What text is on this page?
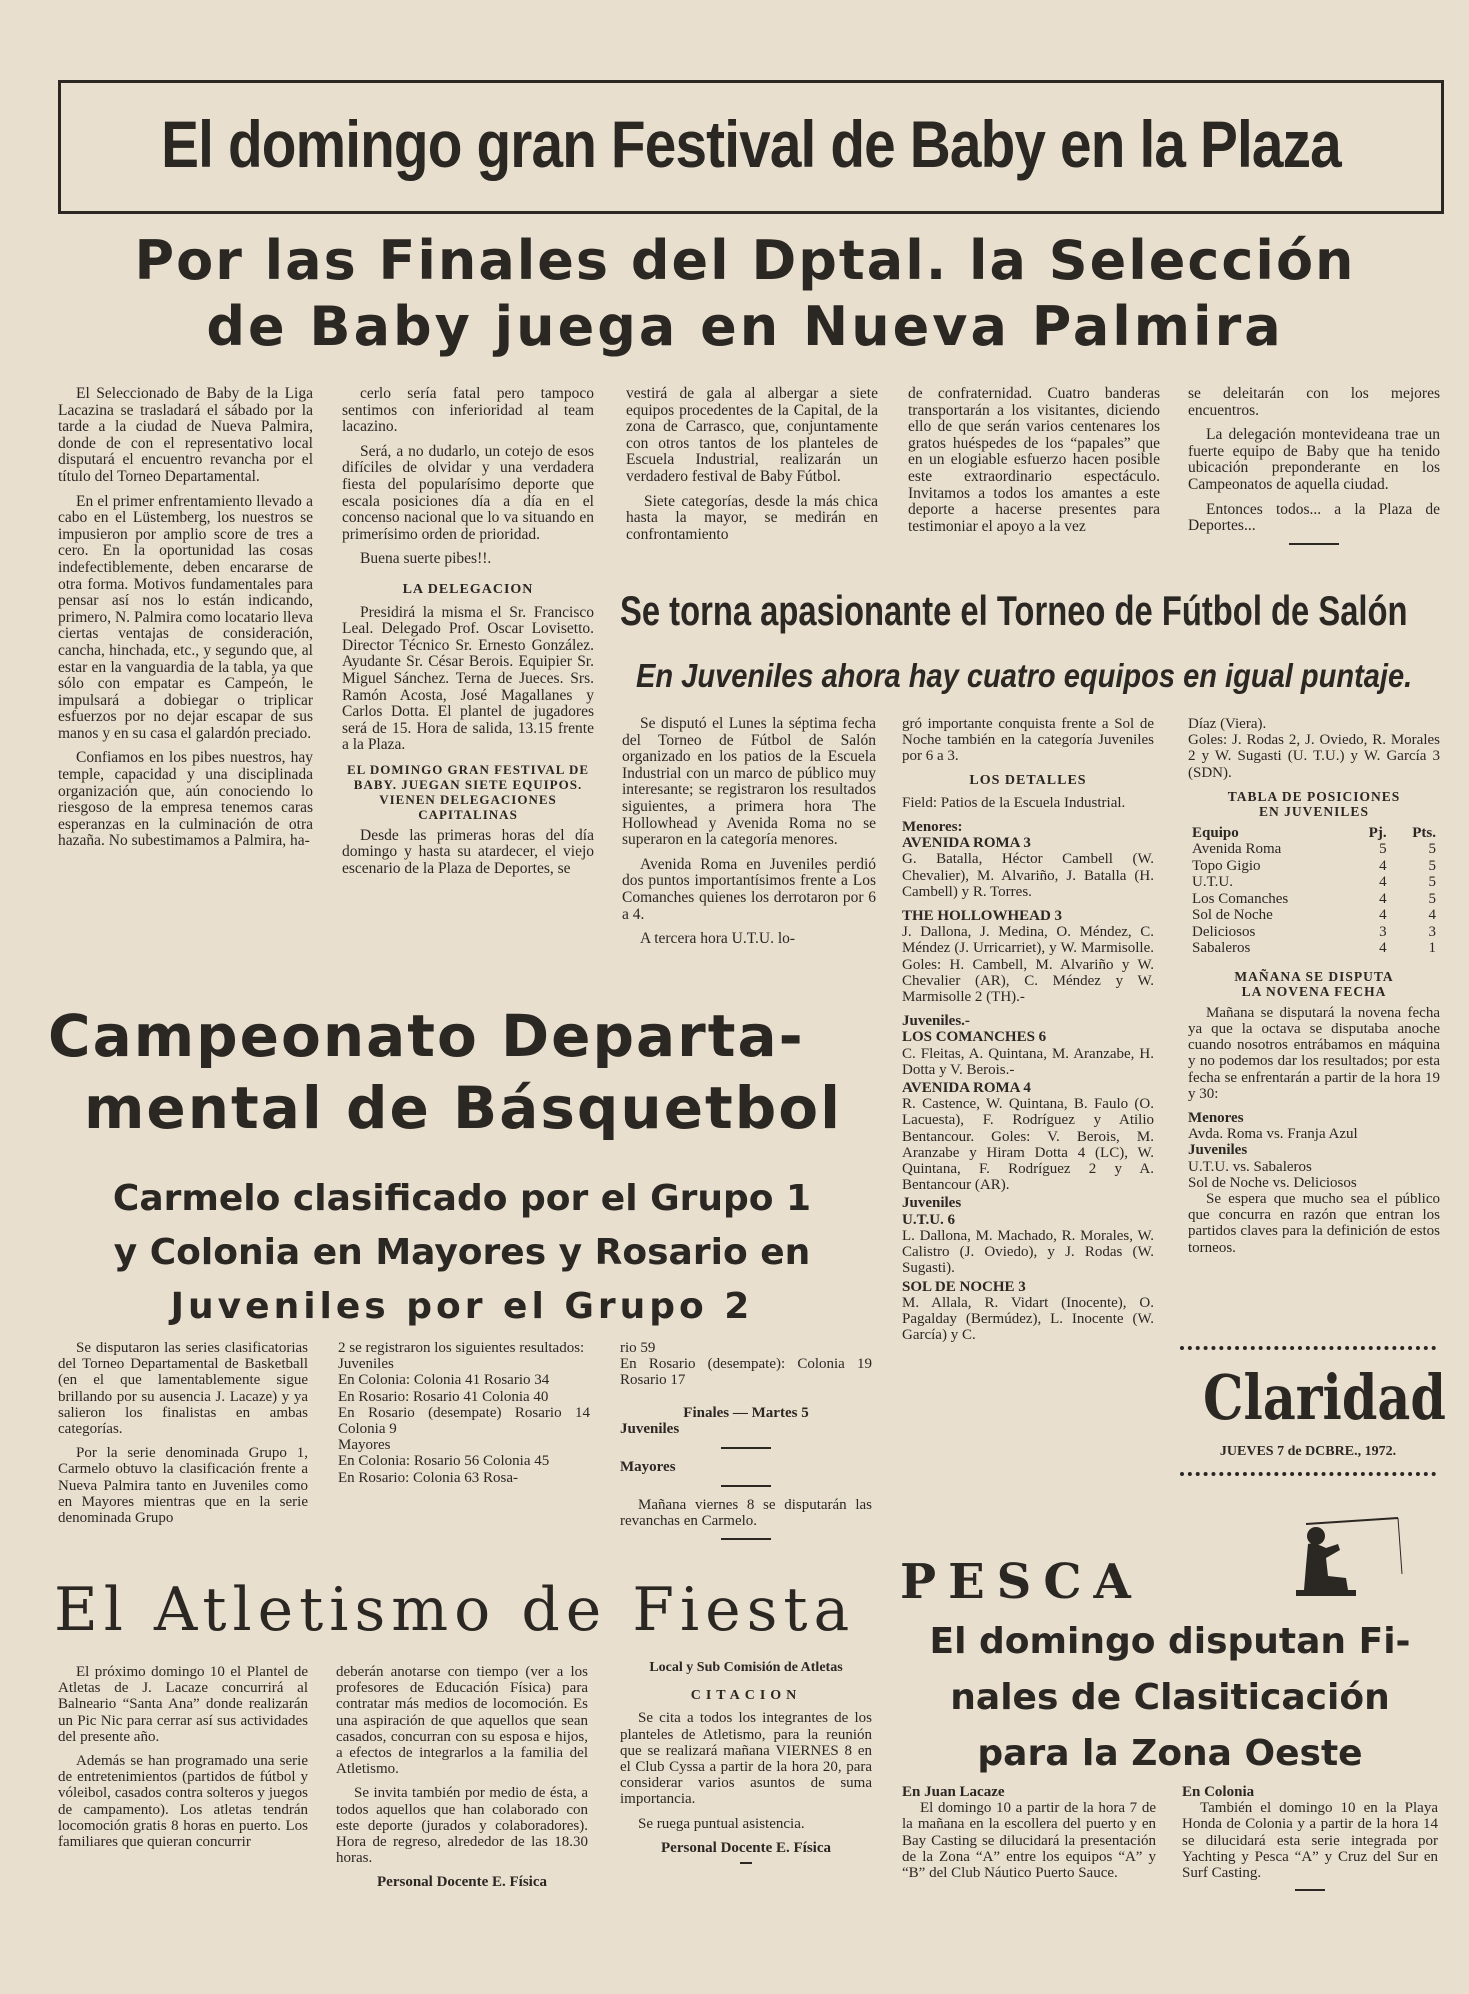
El domingo gran Festival de Baby en la Plaza
Por las Finales del Dptal. la Selección
de Baby juega en Nueva Palmira

El Seleccionado de Baby de la Liga Lacazina se trasladará el sábado por la tarde a la ciudad de Nueva Palmira, donde de con el representativo local disputará el encuentro revancha por el título del Torneo Departamental.

En el primer enfrentamiento llevado a cabo en el Lüstemberg, los nuestros se impusieron por amplio score de tres a cero. En la oportunidad las cosas indefectiblemente, deben encararse de otra forma. Motivos fundamentales para pensar así nos lo están indicando, primero, N. Palmira como locatario lleva ciertas ventajas de consideración, cancha, hinchada, etc., y segundo que, al estar en la vanguardia de la tabla, ya que sólo con empatar es Campeón, le impulsará a dobiegar o triplicar esfuerzos por no dejar escapar de sus manos y en su casa el galardón preciado.

Confiamos en los pibes nuestros, hay temple, capacidad y una disciplinada organización que, aún conociendo lo riesgoso de la empresa tenemos caras esperanzas en la culminación de otra hazaña. No subestimamos a Palmira, ha-

cerlo sería fatal pero tampoco sentimos con inferioridad al team lacazino.

Será, a no dudarlo, un cotejo de esos difíciles de olvidar y una verdadera fiesta del popularísimo deporte que escala posiciones día a día en el concenso nacional que lo va situando en primerísimo orden de prioridad.

Buena suerte pibes!!.

LA DELEGACION

Presidirá la misma el Sr. Francisco Leal. Delegado Prof. Oscar Lovisetto. Director Técnico Sr. Ernesto González. Ayudante Sr. César Berois. Equipier Sr. Miguel Sánchez. Terna de Jueces. Srs. Ramón Acosta, José Magallanes y Carlos Dotta. El plantel de jugadores será de 15. Hora de salida, 13.15 frente a la Plaza.

EL DOMINGO GRAN FESTIVAL DE BABY. JUEGAN SIETE EQUIPOS. VIENEN DELEGACIONES CAPITALINAS

Desde las primeras horas del día domingo y hasta su atardecer, el viejo escenario de la Plaza de Deportes, se

vestirá de gala al albergar a siete equipos procedentes de la Capital, de la zona de Carrasco, que, conjuntamente con otros tantos de los planteles de Escuela Industrial, realizarán un verdadero festival de Baby Fútbol.

Siete categorías, desde la más chica hasta la mayor, se medirán en confrontamiento

de confraternidad. Cuatro banderas transportarán a los visitantes, diciendo ello de que serán varios centenares los gratos huéspedes de los “papales” que en un elogiable esfuerzo hacen posible este extraordinario espectáculo. Invitamos a todos los amantes a este deporte a hacerse presentes para testimoniar el apoyo a la vez

se deleitarán con los mejores encuentros.

La delegación montevideana trae un fuerte equipo de Baby que ha tenido ubicación preponderante en los Campeonatos de aquella ciudad.

Entonces todos... a la Plaza de Deportes...

Se torna apasionante el Torneo de Fútbol de Salón
En Juveniles ahora hay cuatro equipos en igual puntaje.

Se disputó el Lunes la séptima fecha del Torneo de Fútbol de Salón organizado en los patios de la Escuela Industrial con un marco de público muy interesante; se registraron los resultados siguientes, a primera hora The Hollowhead y Avenida Roma no se superaron en la categoría menores.

Avenida Roma en Juveniles perdió dos puntos importantísimos frente a Los Comanches quienes los derrotaron por 6 a 4.

A tercera hora U.T.U. lo-

gró importante conquista frente a Sol de Noche también en la categoría Juveniles por 6 a 3.

LOS DETALLES

Field: Patios de la Escuela Industrial.

Menores:
AVENIDA ROMA 3

G. Batalla, Héctor Cambell (W. Chevalier), M. Alvariño, J. Batalla (H. Cambell) y R. Torres.

THE HOLLOWHEAD 3

J. Dallona, J. Medina, O. Méndez, C. Méndez (J. Urricarriet), y W. Marmisolle. Goles: H. Cambell, M. Alvariño y W. Chevalier (AR), C. Méndez y W. Marmisolle 2 (TH).-

Juveniles.-
LOS COMANCHES 6

C. Fleitas, A. Quintana, M. Aranzabe, H. Dotta y V. Berois.-

AVENIDA ROMA 4

R. Castence, W. Quintana, B. Faulo (O. Lacuesta), F. Rodríguez y Atilio Bentancour. Goles: V. Berois, M. Aranzabe y Hiram Dotta 4 (LC), W. Quintana, F. Rodríguez 2 y A. Bentancour (AR).

Juveniles
U.T.U. 6

L. Dallona, M. Machado, R. Morales, W. Calistro (J. Oviedo), y J. Rodas (W. Sugasti).

SOL DE NOCHE 3

M. Allala, R. Vidart (Inocente), O. Pagalday (Bermúdez), L. Inocente (W. García) y C.

Díaz (Viera).
Goles: J. Rodas 2, J. Oviedo, R. Morales 2 y W. Sugasti (U. T.U.) y W. García 3 (SDN).

TABLA DE POSICIONES
EN JUVENILES
Equipo	Pj.	Pts.
Avenida Roma	5	5
Topo Gigio	4	5
U.T.U.	4	5
Los Comanches	4	5
Sol de Noche	4	4
Deliciosos	3	3
Sabaleros	4	1
MAÑANA SE DISPUTA
LA NOVENA FECHA

Mañana se disputará la novena fecha ya que la octava se disputaba anoche cuando nosotros entrábamos en máquina y no podemos dar los resultados; por esta fecha se enfrentarán a partir de la hora 19 y 30:

Menores
Avda. Roma vs. Franja Azul
Juveniles
U.T.U. vs. Sabaleros
Sol de Noche vs. Deliciosos

Se espera que mucho sea el público que concurra en razón que entran los partidos claves para la definición de estos torneos.

Campeonato Departa-
mental de Básquetbol
Carmelo clasificado por el Grupo 1
y Colonia en Mayores y Rosario en
Juveniles por el Grupo 2

Se disputaron las series clasificatorias del Torneo Departamental de Basketball (en el que lamentablemente sigue brillando por su ausencia J. Lacaze) y ya salieron los finalistas en ambas categorías.

Por la serie denominada Grupo 1, Carmelo obtuvo la clasificación frente a Nueva Palmira tanto en Juveniles como en Mayores mientras que en la serie denominada Grupo

2 se registraron los siguientes resultados:
Juveniles
En Colonia: Colonia 41 Rosario 34
En Rosario: Rosario 41 Colonia 40
En Rosario (desempate) Rosario 14 Colonia 9
Mayores
En Colonia: Rosario 56 Colonia 45
En Rosario: Colonia 63 Rosa-

rio 59
En Rosario (desempate): Colonia 19 Rosario 17

Finales — Martes 5
Juveniles
Mayores

Mañana viernes 8 se disputarán las revanchas en Carmelo.

Claridad
JUEVES 7 de DCBRE., 1972.
El Atletismo de Fiesta

El próximo domingo 10 el Plantel de Atletas de J. Lacaze concurrirá al Balneario “Santa Ana” donde realizarán un Pic Nic para cerrar así sus actividades del presente año.

Además se han programado una serie de entretenimientos (partidos de fútbol y vóleibol, casados contra solteros y juegos de campamento). Los atletas tendrán locomoción gratis 8 horas en puerto. Los familiares que quieran concurrir

deberán anotarse con tiempo (ver a los profesores de Educación Física) para contratar más medios de locomoción. Es una aspiración de que aquellos que sean casados, concurran con su esposa e hijos, a efectos de integrarlos a la familia del Atletismo.

Se invita también por medio de ésta, a todos aquellos que han colaborado con este deporte (jurados y colaboradores). Hora de regreso, alrededor de las 18.30 horas.

Personal Docente E. Física
Local y Sub Comisión de Atletas
CITACION

Se cita a todos los integrantes de los planteles de Atletismo, para la reunión que se realizará mañana VIERNES 8 en el Club Cyssa a partir de la hora 20, para considerar varios asuntos de suma importancia.

Se ruega puntual asistencia.

Personal Docente E. Física
PESCA
El domingo disputan Fi-
nales de Clasiticación
para la Zona Oeste
En Juan Lacaze

El domingo 10 a partir de la hora 7 de la mañana en la escollera del puerto y en Bay Casting se dilucidará la presentación de la Zona “A” entre los equipos “A” y “B” del Club Náutico Puerto Sauce.

En Colonia

También el domingo 10 en la Playa Honda de Colonia y a partir de la hora 14 se dilucidará esta serie integrada por Yachting y Pesca “A” y Cruz del Sur en Surf Casting.
